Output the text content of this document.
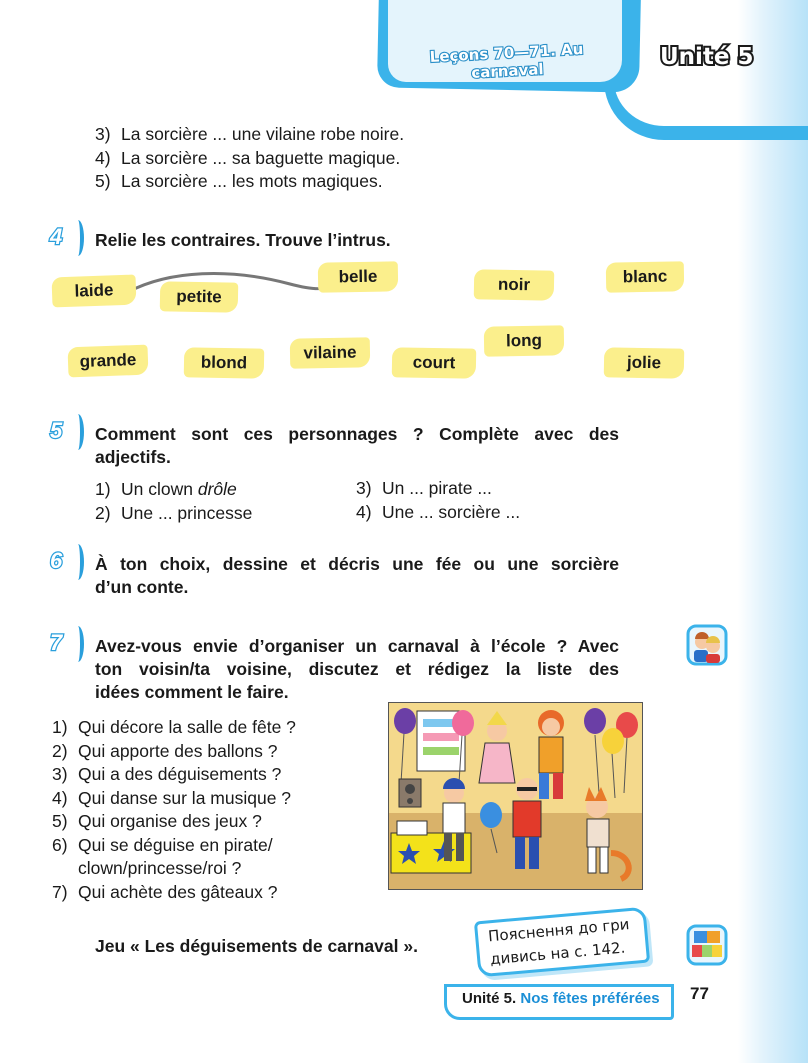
Leçons 70—71. Au carnaval
Unité 5
3) La sorcière ... une vilaine robe noire.
4) La sorcière ... sa baguette magique.
5) La sorcière ... les mots magiques.
4	Relie les contraires. Trouve l’intrus.
laide	petite
belle	noir	blanc
grande	blond
vilaine
court
long
jolie
5	Comment sont ces personnages ? Complète avec des
adjectifs.
1) Un clown drôle
2) Une ... princesse
3) Un ... pirate ...
4) Une ... sorcière ...
6	À ton choix, dessine et décris une fée ou une sorcière
d’un conte.
7	Avez-vous envie d’organiser un carnaval à l’école ? Avec
ton voisin/ta voisine, discutez et rédigez la liste des
idées comment le faire.
1) Qui décore la salle de fête ?
2) Qui apporte des ballons ?
3) Qui a des déguisements ?
4) Qui danse sur la musique ?
5) Qui organise des jeux ?
6) Qui se déguise en pirate/
clown/princesse/roi ?
7) Qui achète des gâteaux ?
Jeu « Les déguisements de carnaval ».
Пояснення до гри
дивись на с. 142.
Unité 5. Nos fêtes préférées 77
